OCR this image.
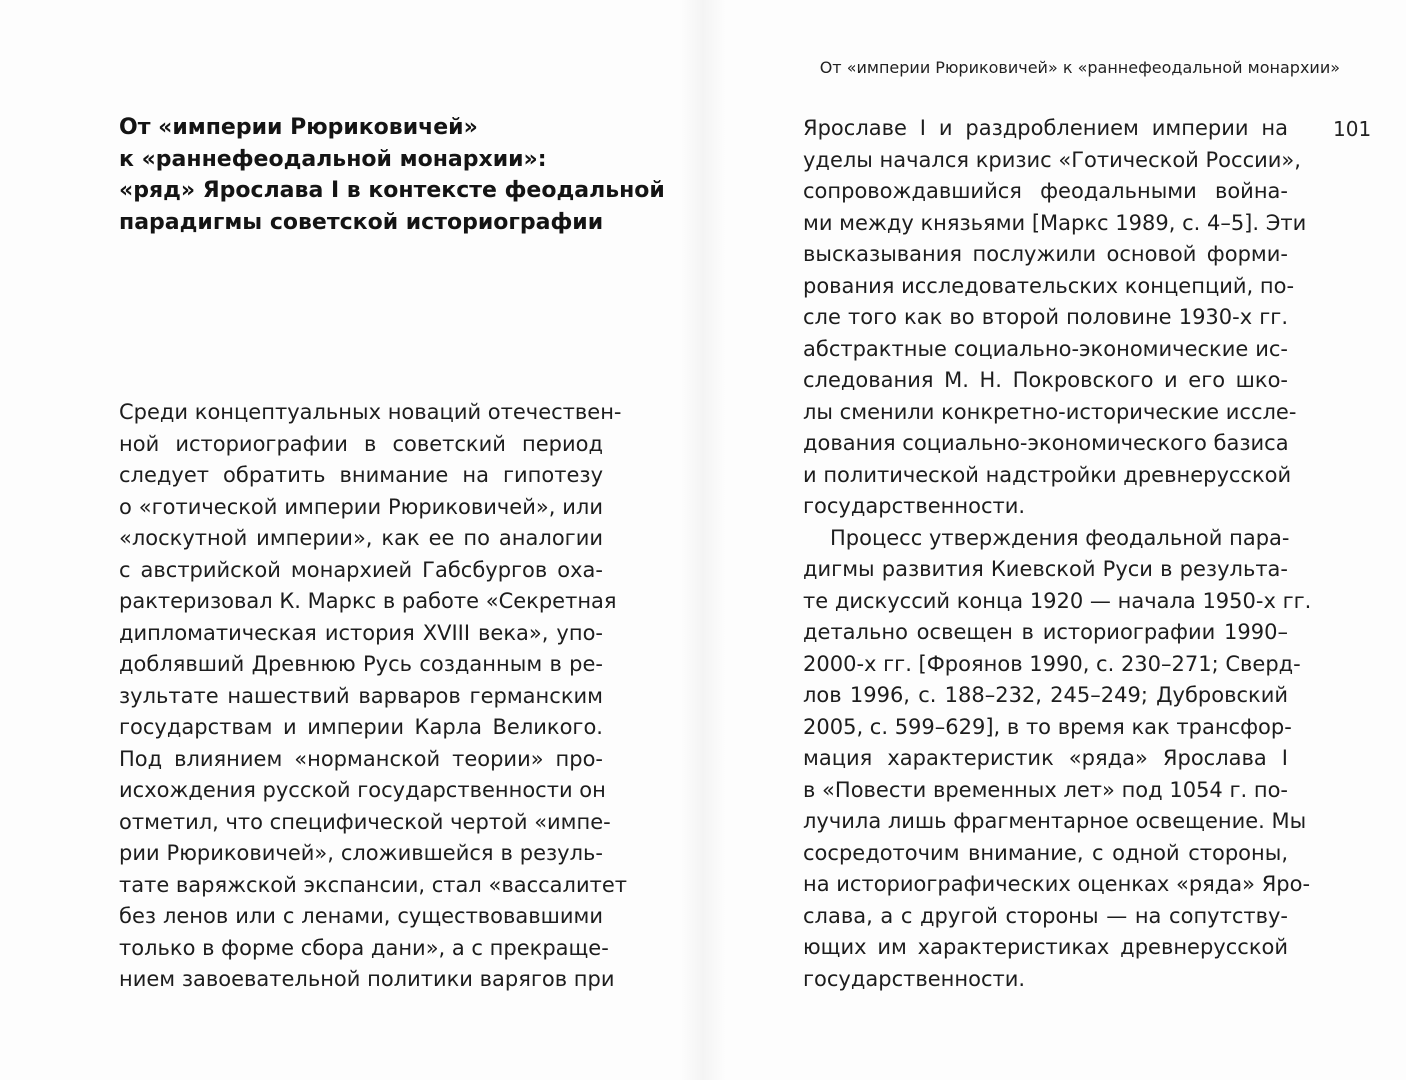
От «империи Рюриковичей» к «раннефеодальной монархии»
101
От «империи Рюриковичей»
к «раннефеодальной монархии»:
«ряд» Ярослава I в контексте феодальной
парадигмы советской историографии
Среди концептуальных новаций отечествен-
ной историографии в советский период
следует обратить внимание на гипотезу
о «готической империи Рюриковичей», или
«лоскутной империи», как ее по аналогии
с австрийской монархией Габсбургов оха-
рактеризовал К. Маркс в работе «Секретная
дипломатическая история XVIII века», упо-
доблявший Древнюю Русь созданным в ре-
зультате нашествий варваров германским
государствам и империи Карла Великого.
Под влиянием «норманской теории» про-
исхождения русской государственности он
отметил, что специфической чертой «импе-
рии Рюриковичей», сложившейся в резуль-
тате варяжской экспансии, стал «вассалитет
без ленов или с ленами, существовавшими
только в форме сбора дани», а с прекраще-
нием завоевательной политики варягов при
Ярославе I и раздроблением империи на
уделы начался кризис «Готической России»,
сопровождавшийся феодальными война-
ми между князьями [Маркс 1989, с. 4–5]. Эти
высказывания послужили основой форми-
рования исследовательских концепций, по-
сле того как во второй половине 1930-х гг.
абстрактные социально-экономические ис-
следования М. Н. Покровского и его шко-
лы сменили конкретно-исторические иссле-
дования социально-экономического базиса
и политической надстройки древнерусской
государственности.
Процесс утверждения феодальной пара-
дигмы развития Киевской Руси в результа-
те дискуссий конца 1920 — начала 1950-х гг.
детально освещен в историографии 1990–
2000-х гг. [Фроянов 1990, с. 230–271; Сверд-
лов 1996, с. 188–232, 245–249; Дубровский
2005, с. 599–629], в то время как трансфор-
мация характеристик «ряда» Ярослава I
в «Повести временных лет» под 1054 г. по-
лучила лишь фрагментарное освещение. Мы
сосредоточим внимание, с одной стороны,
на историографических оценках «ряда» Яро-
слава, а с другой стороны — на сопутству-
ющих им характеристиках древнерусской
государственности.
